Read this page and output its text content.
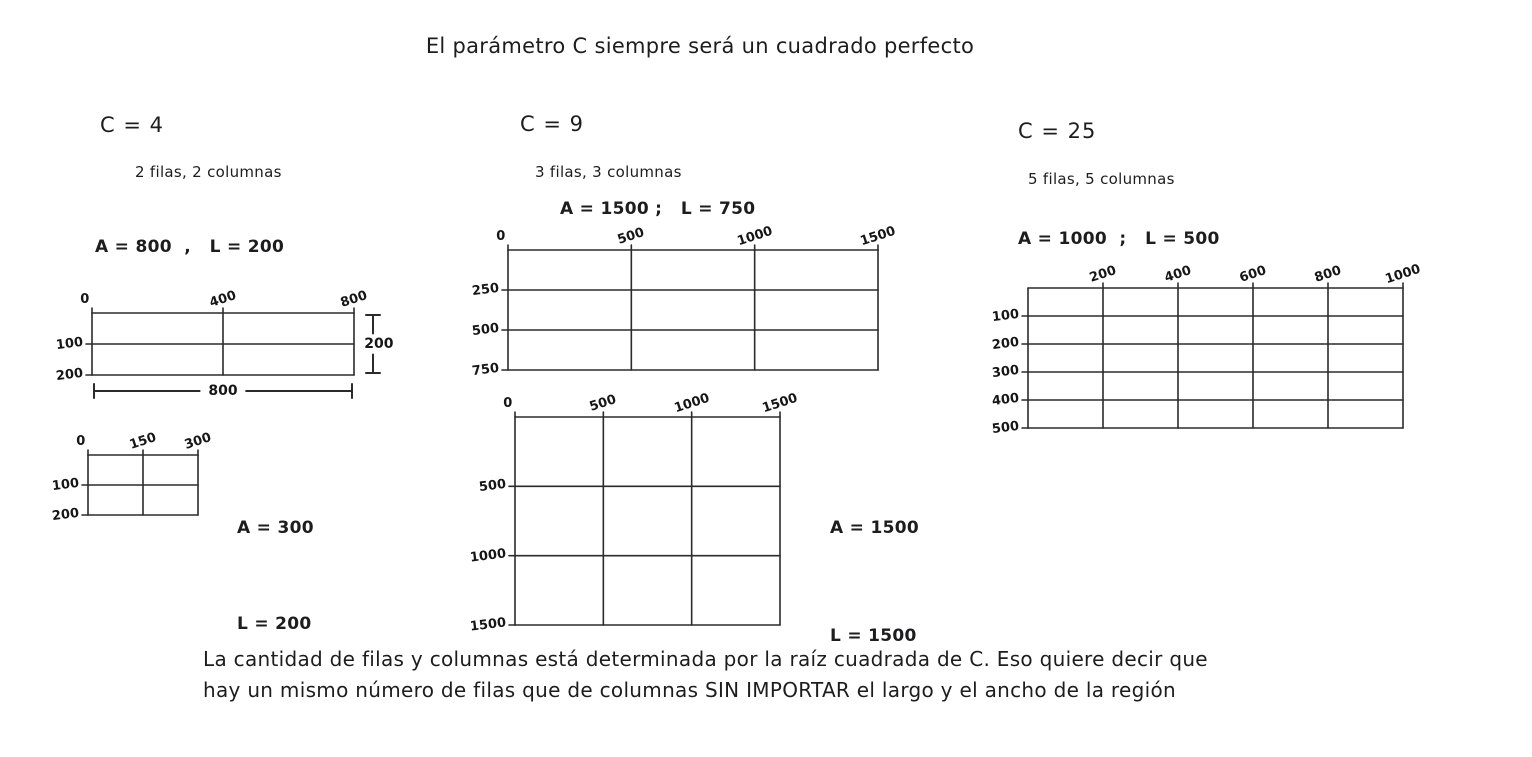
El parámetro C siempre será un cuadrado perfecto
C = 4
2 filas, 2 columnas
A = 800  ,   L = 200
0	400	800
100
200
200
800
0	150 300
100
200

A = 300

L = 200

C = 9
3 filas, 3 columnas
A = 1500 ;   L = 750
0	500	1000	1500
250
500
750
0	500	1000	1500
500
1000
1500

A = 1500

L = 1500

C = 25
5 filas, 5 columnas
A = 1000  ;   L = 500
200	400	600	800	1000
100
200
300
400
500
La cantidad de filas y columnas está determinada por la raíz cuadrada de C. Eso quiere decir que
hay un mismo número de filas que de columnas SIN IMPORTAR el largo y el ancho de la región
